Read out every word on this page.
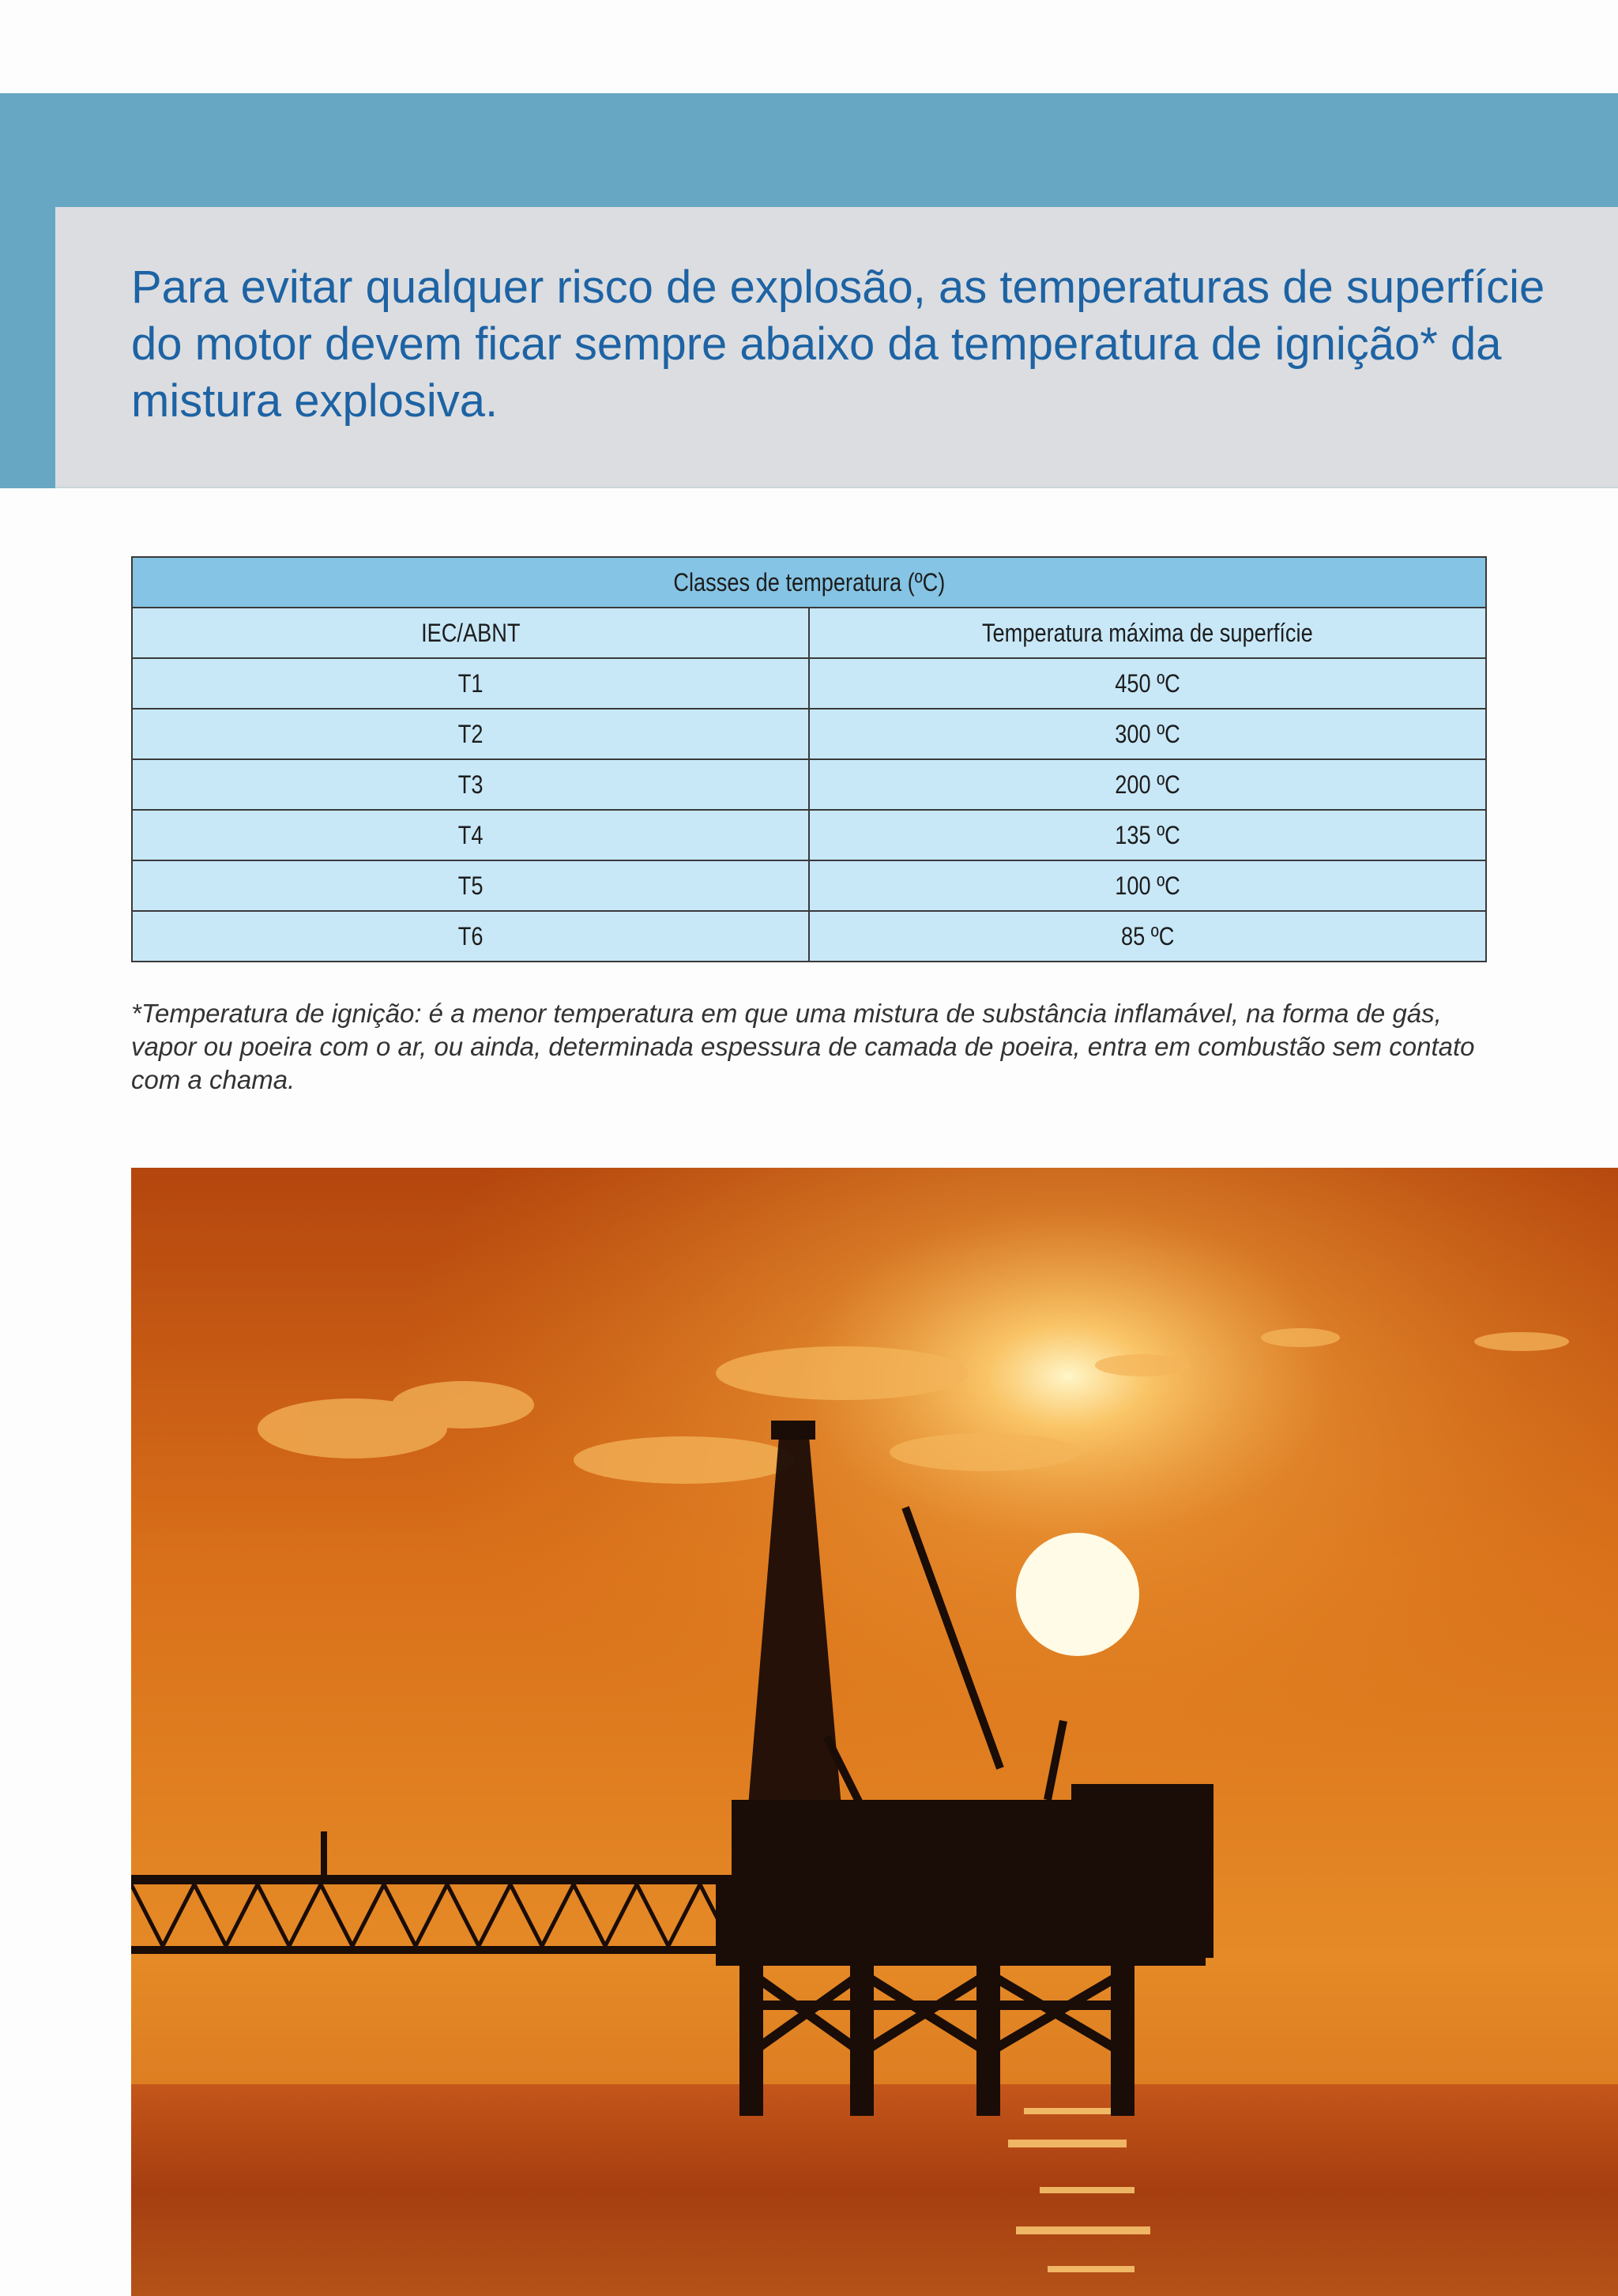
Para evitar qualquer risco de explosão, as temperaturas de superfície do motor devem ficar sempre abaixo da temperatura de ignição* da mistura explosiva.

Classes de temperatura (ºC)	
IEC/ABNT	Temperatura máxima de superfície
T1	450 ºC
T2	300 ºC
T3	200 ºC
T4	135 ºC
T5	100 ºC
T6	85 ºC

*Temperatura de ignição: é a menor temperatura em que uma mistura de substância inflamável, na forma de gás, vapor ou poeira com o ar, ou ainda, determinada espessura de camada de poeira, entra em combustão sem contato com a chama.
